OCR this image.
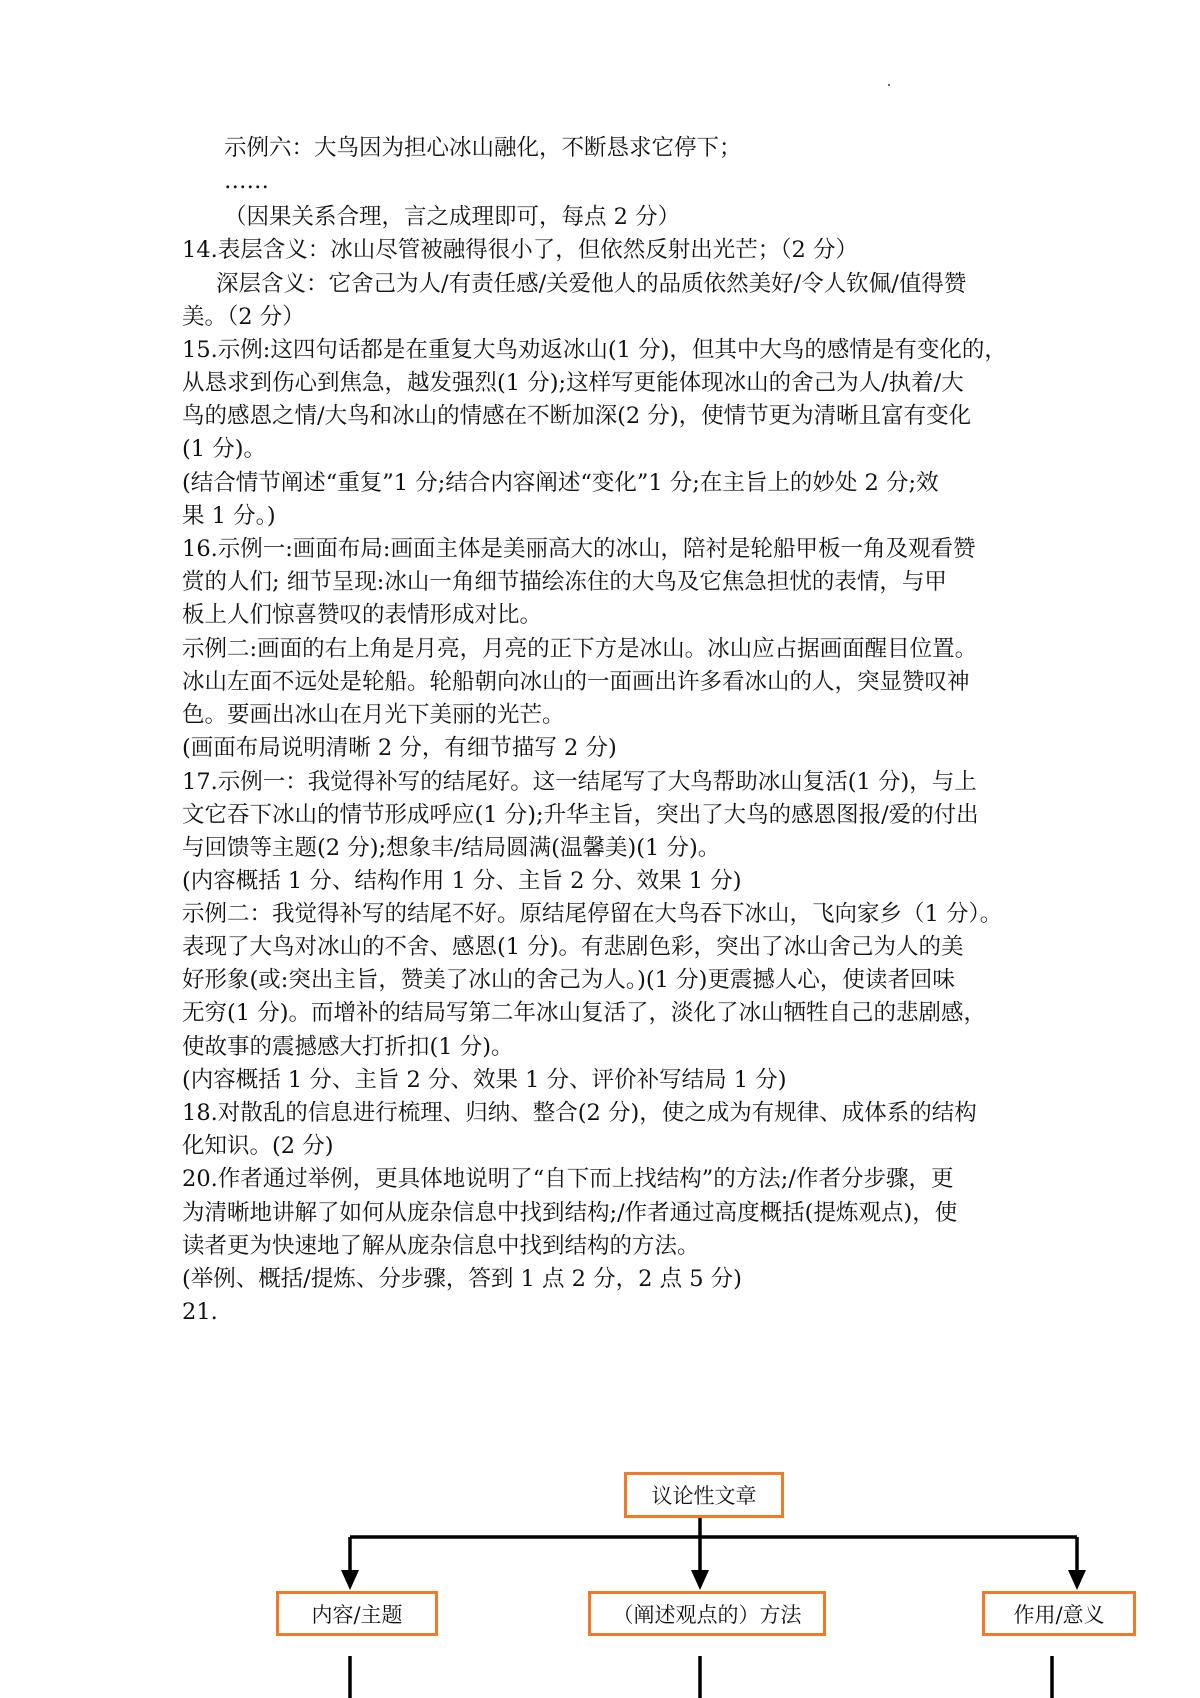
示例六：大鸟因为担心冰山融化，不断恳求它停下；
……
（因果关系合理，言之成理即可，每点 2 分）
14.表层含义：冰山尽管被融得很小了，但依然反射出光芒；（2 分）
深层含义：它舍己为人/有责任感/关爱他人的品质依然美好/令人钦佩/值得赞
美。（2 分）
15.示例:这四句话都是在重复大鸟劝返冰山(1 分)，但其中大鸟的感情是有变化的，
从恳求到伤心到焦急，越发强烈(1 分);这样写更能体现冰山的舍己为人/执着/大
鸟的感恩之情/大鸟和冰山的情感在不断加深(2 分)，使情节更为清晰且富有变化
(1 分)。
(结合情节阐述“重复”1 分;结合内容阐述“变化”1 分;在主旨上的妙处 2 分;效
果 1 分。)
16.示例一:画面布局:画面主体是美丽高大的冰山，陪衬是轮船甲板一角及观看赞
赏的人们; 细节呈现:冰山一角细节描绘冻住的大鸟及它焦急担忧的表情，与甲
板上人们惊喜赞叹的表情形成对比。
示例二:画面的右上角是月亮，月亮的正下方是冰山。冰山应占据画面醒目位置。
冰山左面不远处是轮船。轮船朝向冰山的一面画出许多看冰山的人，突显赞叹神
色。要画出冰山在月光下美丽的光芒。
(画面布局说明清晰 2 分，有细节描写 2 分)
17.示例一：我觉得补写的结尾好。这一结尾写了大鸟帮助冰山复活(1 分)，与上
文它吞下冰山的情节形成呼应(1 分);升华主旨，突出了大鸟的感恩图报/爱的付出
与回馈等主题(2 分);想象丰/结局圆满(温馨美)(1 分)。
(内容概括 1 分、结构作用 1 分、主旨 2 分、效果 1 分)
示例二：我觉得补写的结尾不好。原结尾停留在大鸟吞下冰山，飞向家乡（1 分）。
表现了大鸟对冰山的不舍、感恩(1 分)。有悲剧色彩，突出了冰山舍己为人的美
好形象(或:突出主旨，赞美了冰山的舍己为人。)(1 分)更震撼人心，使读者回味
无穷(1 分)。而增补的结局写第二年冰山复活了，淡化了冰山牺牲自己的悲剧感，
使故事的震撼感大打折扣(1 分)。
(内容概括 1 分、主旨 2 分、效果 1 分、评价补写结局 1 分)
18.对散乱的信息进行梳理、归纳、整合(2 分)，使之成为有规律、成体系的结构
化知识。(2 分)
20.作者通过举例，更具体地说明了“自下而上找结构”的方法;/作者分步骤，更
为清晰地讲解了如何从庞杂信息中找到结构;/作者通过高度概括(提炼观点)，使
读者更为快速地了解从庞杂信息中找到结构的方法。
(举例、概括/提炼、分步骤，答到 1 点 2 分，2 点 5 分)
21.
议论性文章
内容/主题	（阐述观点的）方法	作用/意义
